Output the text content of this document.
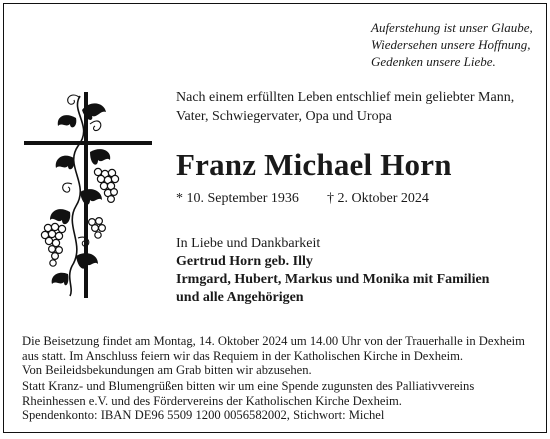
Auferstehung ist unser Glaube,
Wiedersehen unsere Hoffnung,
Gedenken unsere Liebe.
Nach einem erfüllten Leben entschlief mein geliebter Mann,
Vater, Schwiegervater, Opa und Uropa
Franz Michael Horn
* 10. September 1936 † 2. Oktober 2024
In Liebe und Dankbarkeit
Gertrud Horn geb. Illy
Irmgard, Hubert, Markus und Monika mit Familien
und alle Angehörigen
Die Beisetzung findet am Montag, 14. Oktober 2024 um 14.00 Uhr von der Trauerhalle in Dexheim
aus statt. Im Anschluss feiern wir das Requiem in der Katholischen Kirche in Dexheim.
Von Beileidsbekundungen am Grab bitten wir abzusehen.
Statt Kranz- und Blumengrüßen bitten wir um eine Spende zugunsten des Palliativvereins
Rheinhessen e.V. und des Fördervereins der Katholischen Kirche Dexheim.
Spendenkonto: IBAN DE96 5509 1200 0056582002, Stichwort: Michel
